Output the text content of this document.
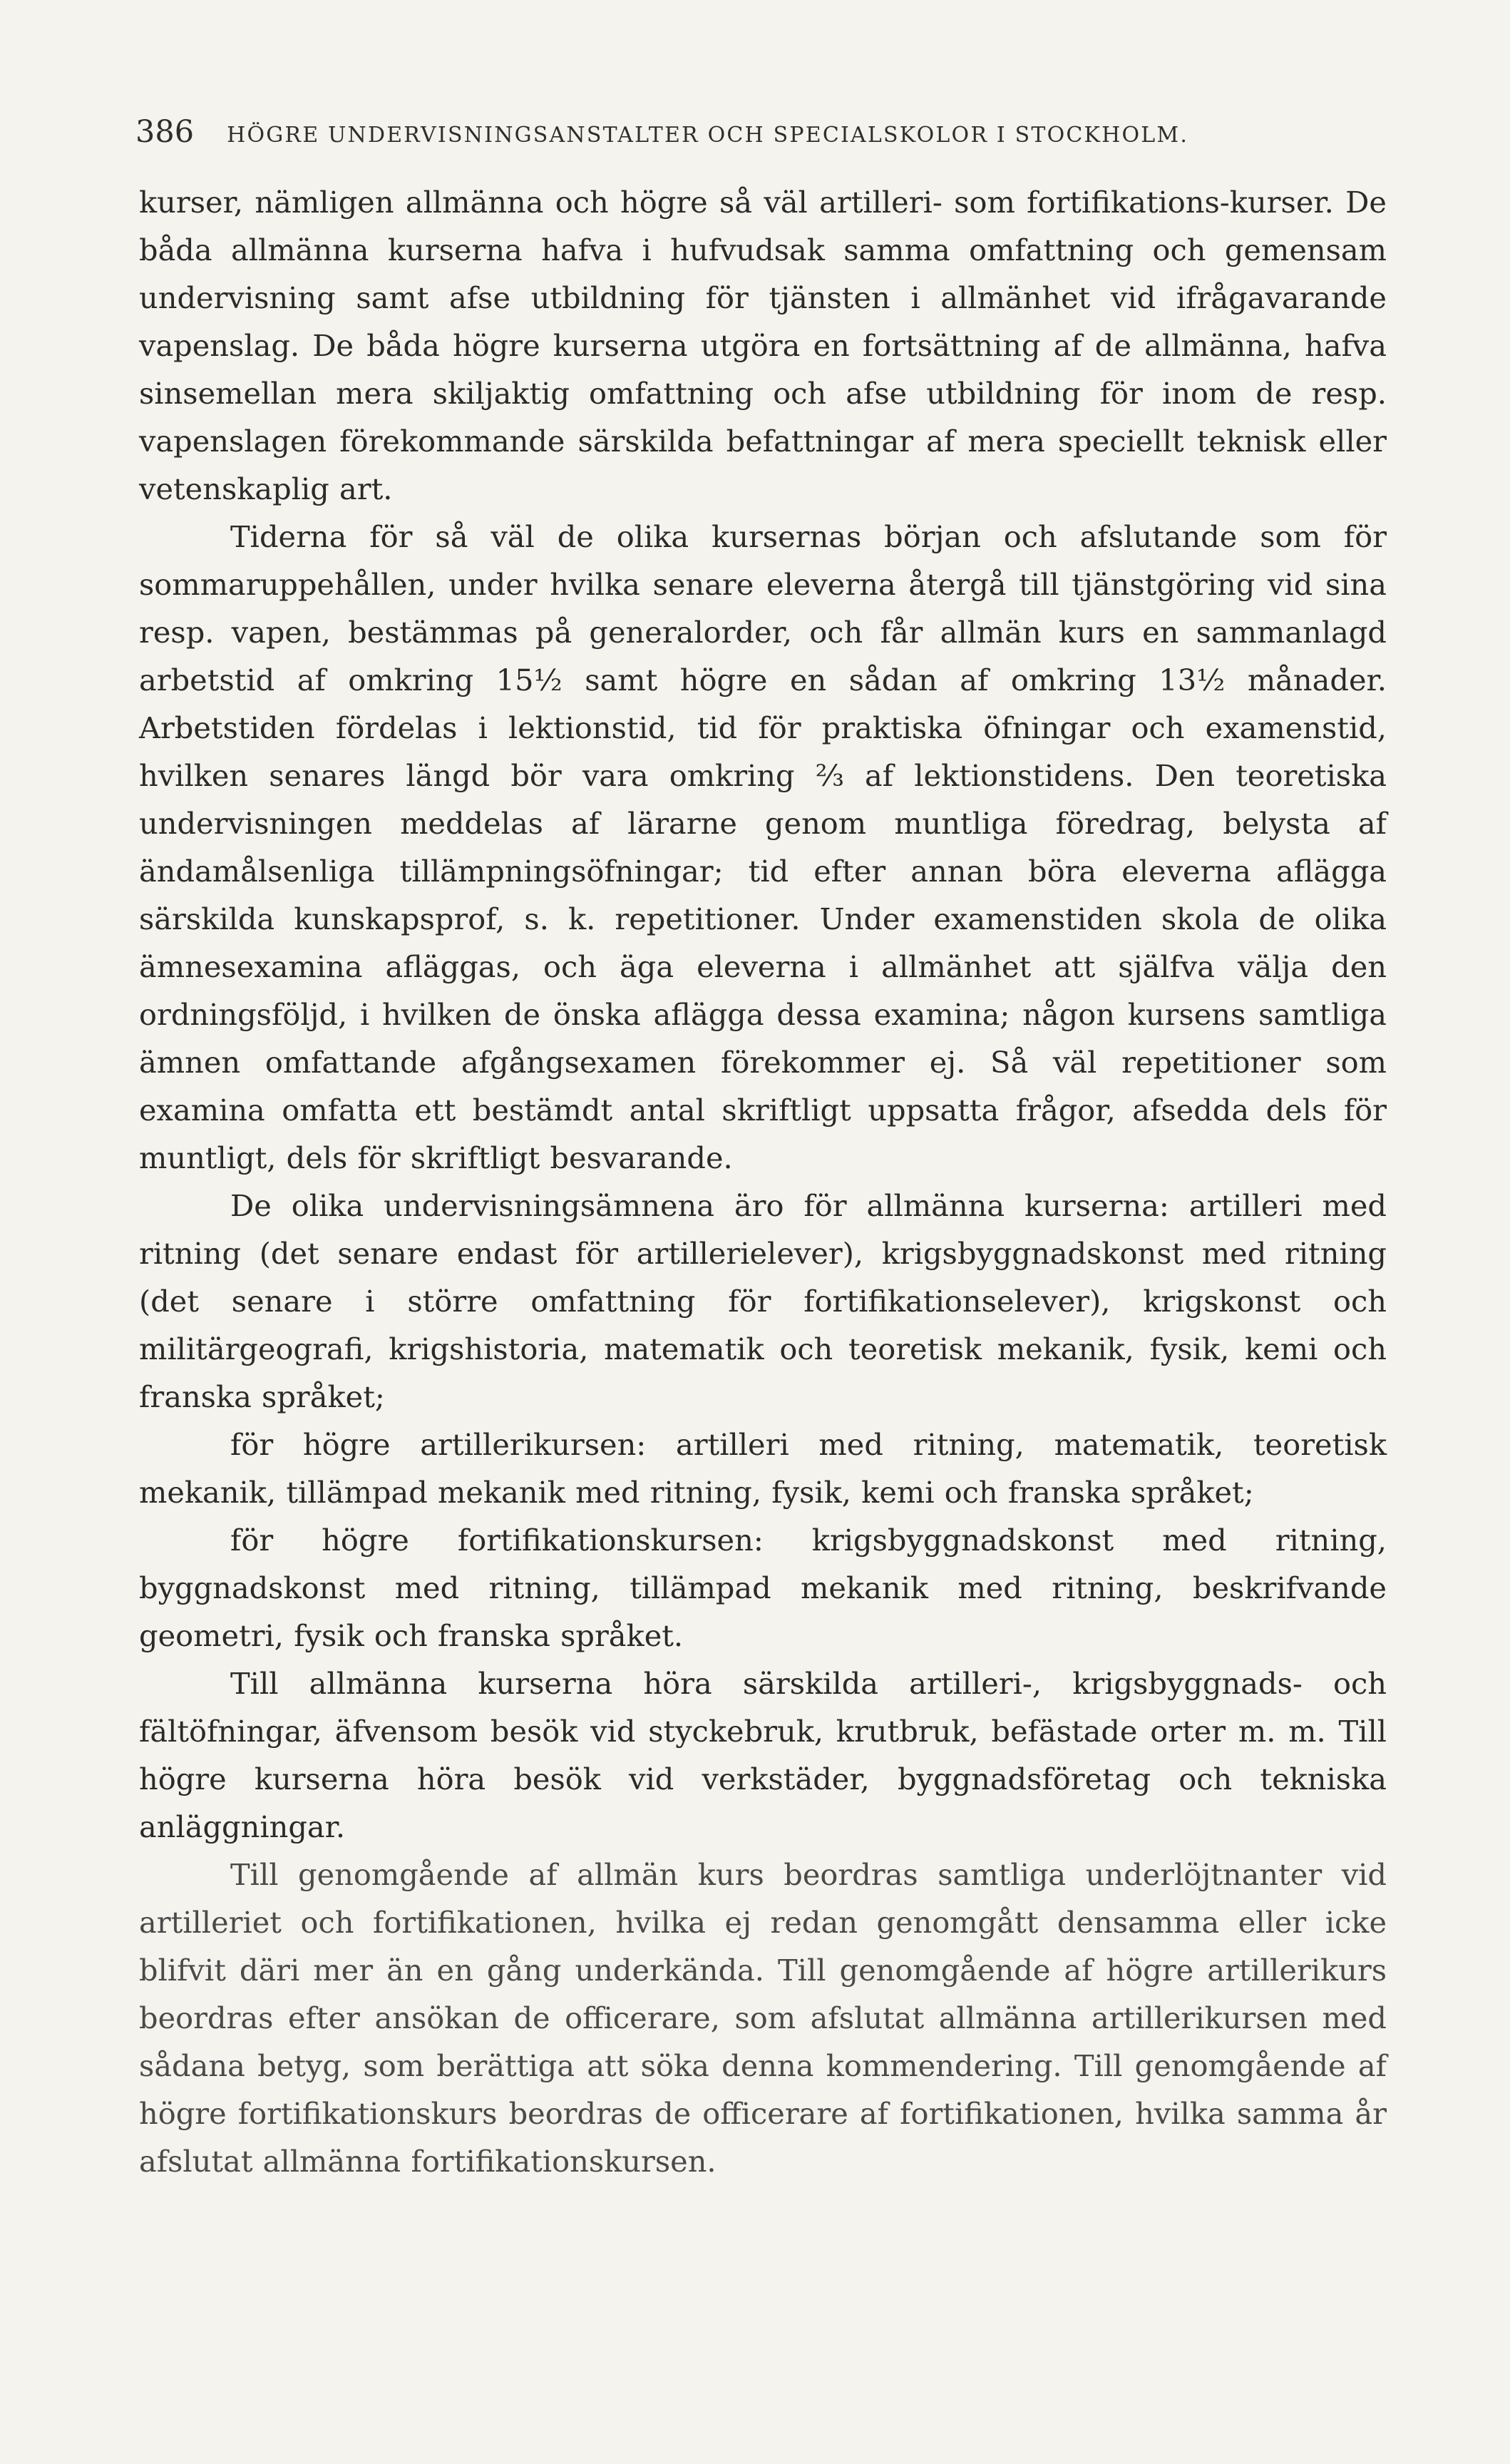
386 HÖGRE UNDERVISNINGSANSTALTER OCH SPECIALSKOLOR I STOCKHOLM.

kurser, nämligen allmänna och högre så väl artilleri- som fortifikations-kurser. De båda allmänna kurserna hafva i hufvudsak samma omfattning och gemensam undervisning samt afse utbildning för tjänsten i allmänhet vid ifrågavarande vapenslag. De båda högre kurserna utgöra en fortsättning af de allmänna, hafva sinsemellan mera skiljaktig omfattning och afse utbildning för inom de resp. vapenslagen förekommande särskilda befattningar af mera speciellt teknisk eller vetenskaplig art.

Tiderna för så väl de olika kursernas början och afslutande som för sommaruppehållen, under hvilka senare eleverna återgå till tjänstgöring vid sina resp. vapen, bestämmas på generalorder, och får allmän kurs en sammanlagd arbetstid af omkring 15½ samt högre en sådan af omkring 13½ månader. Arbetstiden fördelas i lektionstid, tid för praktiska öfningar och examenstid, hvilken senares längd bör vara omkring ⅔ af lektionstidens. Den teoretiska undervisningen meddelas af lärarne genom muntliga föredrag, belysta af ändamålsenliga tillämpningsöfningar; tid efter annan böra eleverna aflägga särskilda kunskapsprof, s. k. repetitioner. Under examenstiden skola de olika ämnesexamina afläggas, och äga eleverna i allmänhet att själfva välja den ordningsföljd, i hvilken de önska aflägga dessa examina; någon kursens samtliga ämnen omfattande afgångsexamen förekommer ej. Så väl repetitioner som examina omfatta ett bestämdt antal skriftligt uppsatta frågor, afsedda dels för muntligt, dels för skriftligt besvarande.

De olika undervisningsämnena äro för allmänna kurserna: artilleri med ritning (det senare endast för artillerielever), krigsbyggnadskonst med ritning (det senare i större omfattning för fortifikationselever), krigskonst och militärgeografi, krigshistoria, matematik och teoretisk mekanik, fysik, kemi och franska språket;

för högre artillerikursen: artilleri med ritning, matematik, teoretisk mekanik, tillämpad mekanik med ritning, fysik, kemi och franska språket;

för högre fortifikationskursen: krigsbyggnadskonst med ritning, byggnadskonst med ritning, tillämpad mekanik med ritning, beskrifvande geometri, fysik och franska språket.

Till allmänna kurserna höra särskilda artilleri-, krigsbyggnads- och fältöfningar, äfvensom besök vid styckebruk, krutbruk, befästade orter m. m. Till högre kurserna höra besök vid verkstäder, byggnadsföretag och tekniska anläggningar.

Till genomgående af allmän kurs beordras samtliga underlöjtnanter vid artilleriet och fortifikationen, hvilka ej redan genomgått densamma eller icke blifvit däri mer än en gång underkända. Till genomgående af högre artillerikurs beordras efter ansökan de officerare, som afslutat allmänna artillerikursen med sådana betyg, som berättiga att söka denna kommendering. Till genomgående af högre fortifikationskurs beordras de officerare af fortifikationen, hvilka samma år afslutat allmänna fortifikationskursen.
